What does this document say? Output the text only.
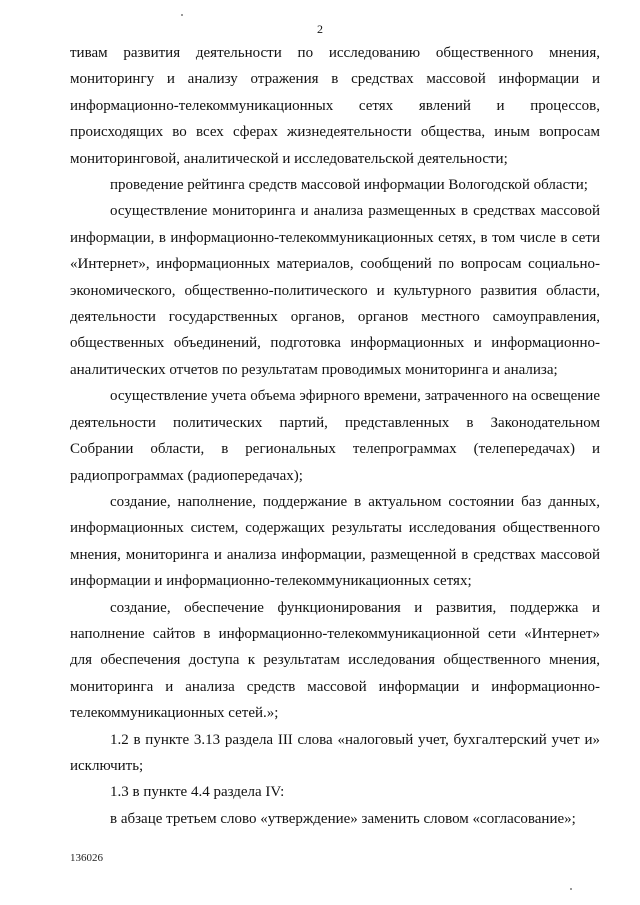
2

тивам развития деятельности по исследованию общественного мнения, мониторингу и анализу отражения в средствах массовой информации и информационно-телекоммуникационных сетях явлений и процессов, происходящих во всех сферах жизнедеятельности общества, иным вопросам мониторинговой, аналитической и исследовательской деятельности;

проведение рейтинга средств массовой информации Вологодской области;

осуществление мониторинга и анализа размещенных в средствах массовой информации, в информационно-телекоммуникационных сетях, в том числе в сети «Интернет», информационных материалов, сообщений по вопросам социально-экономического, общественно-политического и культурного развития области, деятельности государственных органов, органов местного самоуправления, общественных объединений, подготовка информационных и информационно-аналитических отчетов по результатам проводимых мониторинга и анализа;

осуществление учета объема эфирного времени, затраченного на освещение деятельности политических партий, представленных в Законодательном Собрании области, в региональных телепрограммах (телепередачах) и радиопрограммах (радиопередачах);

создание, наполнение, поддержание в актуальном состоянии баз данных, информационных систем, содержащих результаты исследования общественного мнения, мониторинга и анализа информации, размещенной в средствах массовой информации и информационно-телекоммуникационных сетях;

создание, обеспечение функционирования и развития, поддержка и наполнение сайтов в информационно-телекоммуникационной сети «Интернет» для обеспечения доступа к результатам исследования общественного мнения, мониторинга и анализа средств массовой информации и информационно-телекоммуникационных сетей.»;

1.2 в пункте 3.13 раздела III слова «налоговый учет, бухгалтерский учет и» исключить;

1.3 в пункте 4.4 раздела IV:

в абзаце третьем слово «утверждение» заменить словом «согласование»;

136026
